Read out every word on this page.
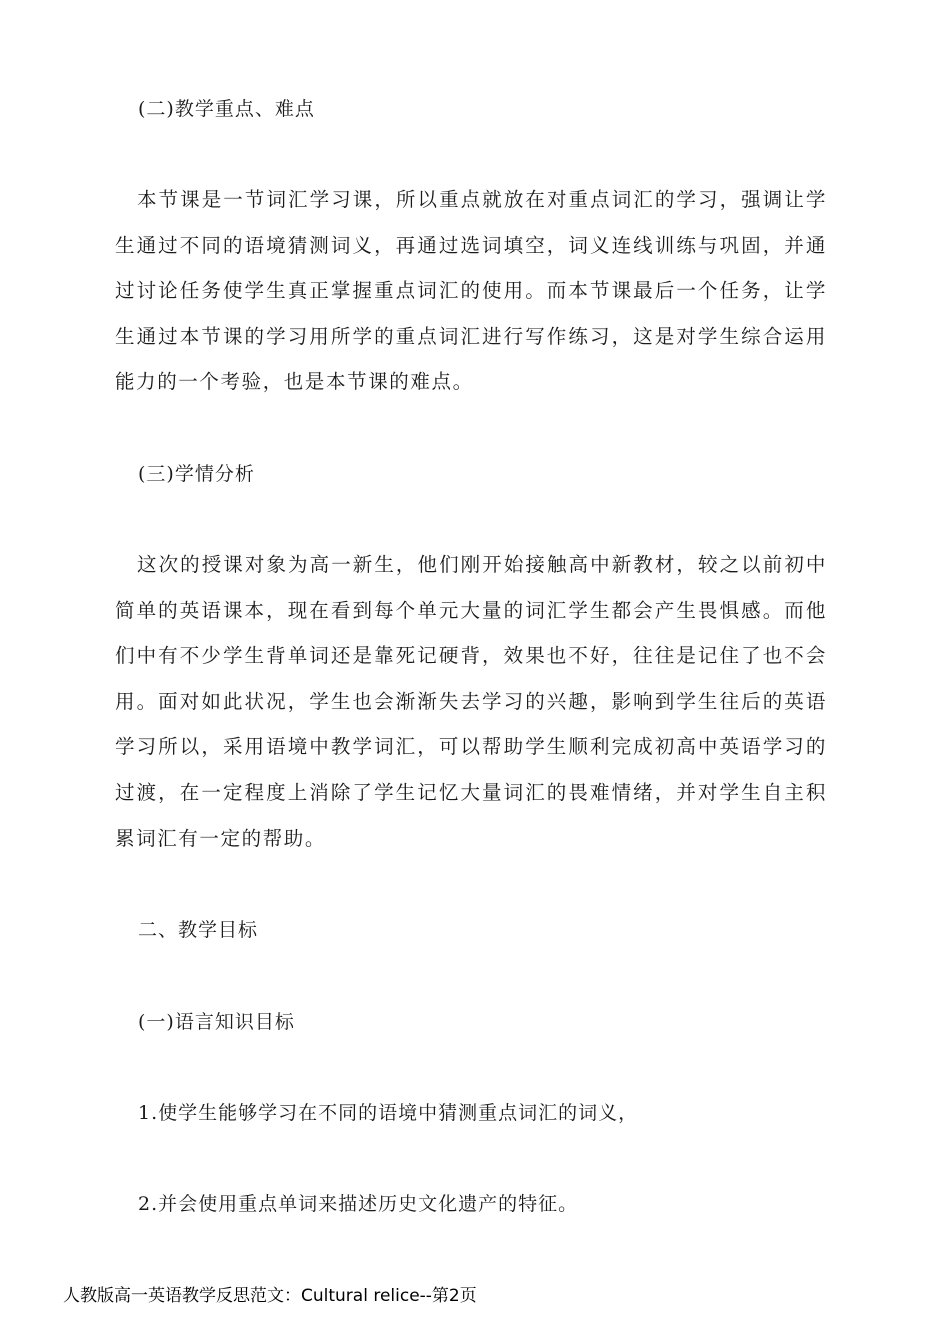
(二)教学重点、难点
本节课是一节词汇学习课，所以重点就放在对重点词汇的学习，强调让学生通过不同的语境猜测词义，再通过选词填空，词义连线训练与巩固，并通过讨论任务使学生真正掌握重点词汇的使用。而本节课最后一个任务，让学生通过本节课的学习用所学的重点词汇进行写作练习，这是对学生综合运用能力的一个考验，也是本节课的难点。
(三)学情分析
这次的授课对象为高一新生，他们刚开始接触高中新教材，较之以前初中简单的英语课本，现在看到每个单元大量的词汇学生都会产生畏惧感。而他们中有不少学生背单词还是靠死记硬背，效果也不好，往往是记住了也不会用。面对如此状况，学生也会渐渐失去学习的兴趣，影响到学生往后的英语学习所以，采用语境中教学词汇，可以帮助学生顺利完成初高中英语学习的过渡，在一定程度上消除了学生记忆大量词汇的畏难情绪，并对学生自主积累词汇有一定的帮助。
二、教学目标
(一)语言知识目标
1.使学生能够学习在不同的语境中猜测重点词汇的词义，
2.并会使用重点单词来描述历史文化遗产的特征。
人教版高一英语教学反思范文：Cultural relice--第2页
